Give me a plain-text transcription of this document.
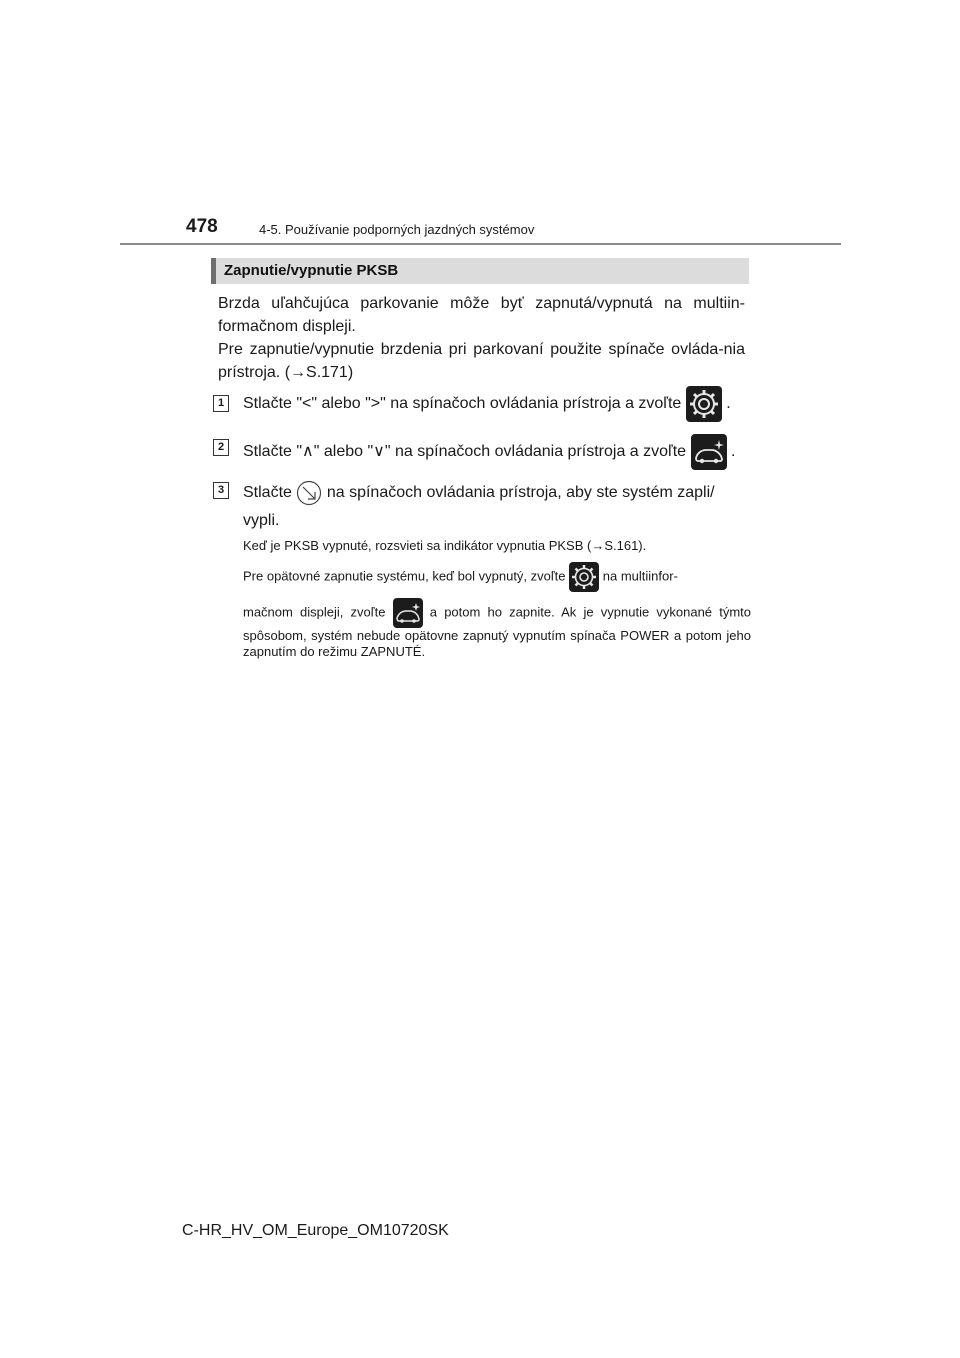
478	4-5. Používanie podporných jazdných systémov
Zapnutie/vypnutie PKSB
Brzda uľahčujúca parkovanie môže byť zapnutá/vypnutá na multiin-formačnom displeji.
Pre zapnutie/vypnutie brzdenia pri parkovaní použite spínače ovláda-nia prístroja. (→S.171)
1	Stlačte "<" alebo ">" na spínačoch ovládania prístroja a zvoľte	.
2	Stlačte "∧" alebo "∨" na spínačoch ovládania prístroja a zvoľte	.
3	Stlačte na spínačoch ovládania prístroja, aby ste systém zapli/ vypli.
Keď je PKSB vypnuté, rozsvieti sa indikátor vypnutia PKSB (→S.161).
Pre opätovné zapnutie systému, keď bol vypnutý, zvoľte	na multiinfor-
mačnom displeji, zvoľte	a potom ho zapnite. Ak je vypnutie vykonané týmto spôsobom, systém nebude opätovne zapnutý vypnutím spínača POWER a potom jeho zapnutím do režimu ZAPNUTÉ.
C-HR_HV_OM_Europe_OM10720SK
